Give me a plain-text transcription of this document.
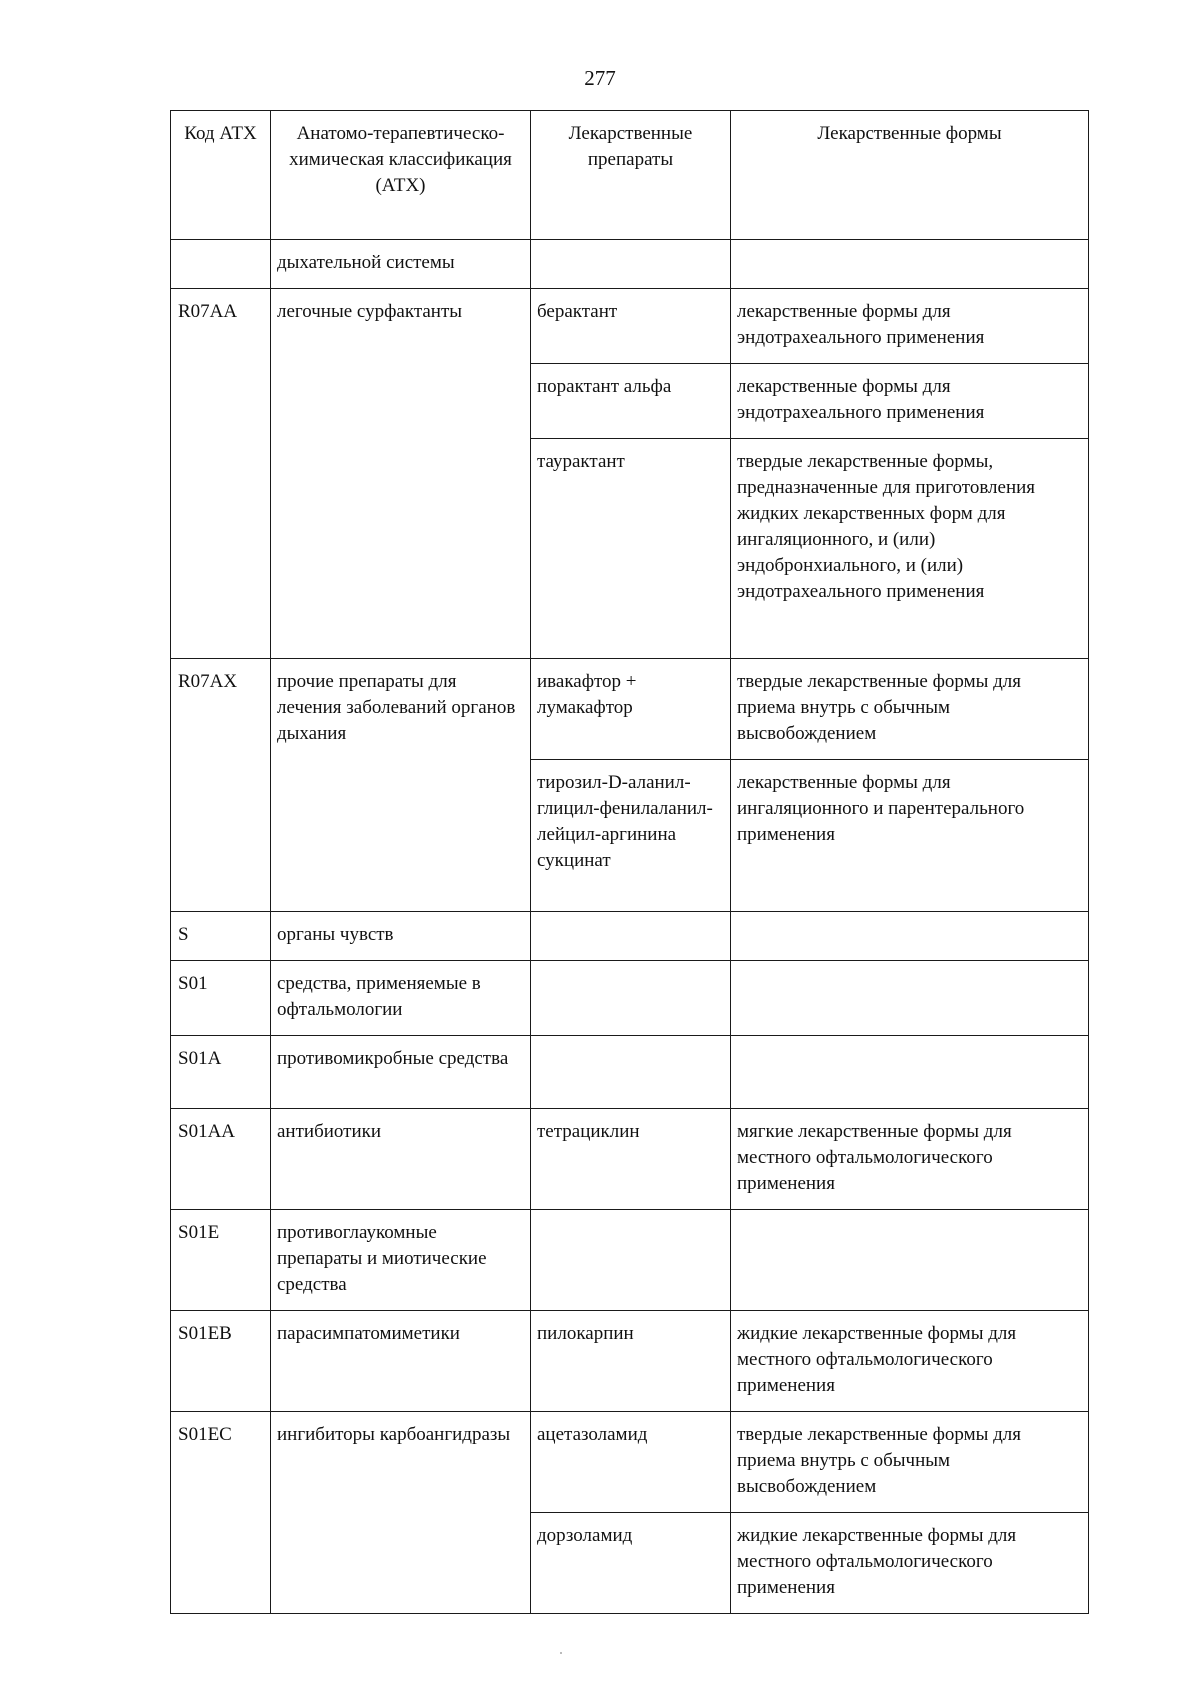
277
Код АТХ	Анатомо-терапевтическо-химическая классификация (АТХ)	Лекарственные препараты	Лекарственные формы
	дыхательной системы		
R07AA	легочные сурфактанты	берактант	лекарственные формы для эндотрахеального применения
		порактант альфа	лекарственные формы для эндотрахеального применения
		таурактант	твердые лекарственные формы, предназначенные для приготовления жидких лекарственных форм для ингаляционного, и (или) эндобронхиального, и (или) эндотрахеального применения
R07AX	прочие препараты для лечения заболеваний органов дыхания	ивакафтор + лумакафтор	твердые лекарственные формы для приема внутрь с обычным высвобождением
		тирозил-D-аланил-глицил-фенилаланил-лейцил-аргинина сукцинат	лекарственные формы для ингаляционного и парентерального применения
S	органы чувств		
S01	средства, применяемые в офтальмологии		
S01A	противомикробные средства		
S01AA	антибиотики	тетрациклин	мягкие лекарственные формы для местного офтальмологического применения
S01E	противоглаукомные препараты и миотические средства		
S01EB	парасимпатомиметики	пилокарпин	жидкие лекарственные формы для местного офтальмологического применения
S01EC	ингибиторы карбоангидразы	ацетазоламид	твердые лекарственные формы для приема внутрь с обычным высвобождением
		дорзоламид	жидкие лекарственные формы для местного офтальмологического применения
